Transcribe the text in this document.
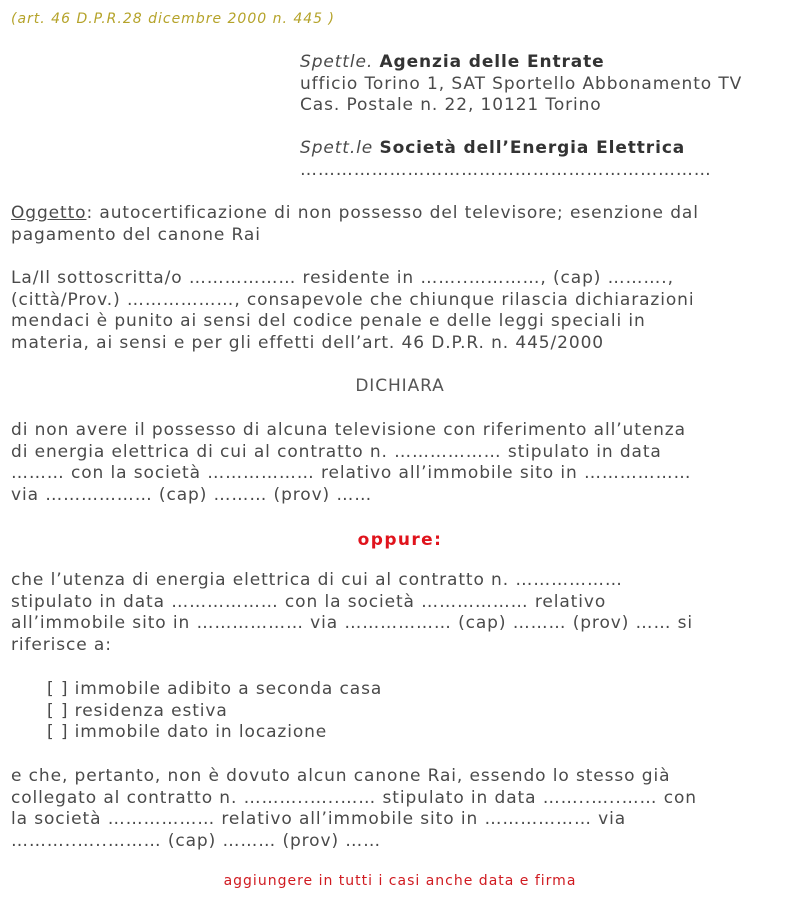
(art. 46 D.P.R.28 dicembre 2000 n. 445 )

Spettle. Agenzia delle Entrate
ufficio Torino 1, SAT Sportello Abbonamento TV
Cas. Postale n. 22, 10121 Torino
Spett.le Società dell’Energia Elettrica
……………………………………………………………
Oggetto: autocertificazione di non possesso del televisore; esenzione dal
pagamento del canone Rai
La/Il sottoscritta/o ……………… residente in ……..…………, (cap) ……….,
(città/Prov.) ………………, consapevole che chiunque rilascia dichiarazioni
mendaci è punito ai sensi del codice penale e delle leggi speciali in
materia, ai sensi e per gli effetti dell’art. 46 D.P.R. n. 445/2000

DICHIARA

di non avere il possesso di alcuna televisione con riferimento all’utenza
di energia elettrica di cui al contratto n. ……………… stipulato in data
……… con la società ……………… relativo all’immobile sito in ………………
via ……………… (cap) ……… (prov) ……

oppure:

che l’utenza di energia elettrica di cui al contratto n. ………………
stipulato in data ……………… con la società ……………… relativo
all’immobile sito in ……………… via ……………… (cap) ……… (prov) …… si
riferisce a:
[ ] immobile adibito a seconda casa
[ ] residenza estiva
[ ] immobile dato in locazione
e che, pertanto, non è dovuto alcun canone Rai, essendo lo stesso già
collegato al contratto n. ………..…..…… stipulato in data ……..…..…… con
la società ……………… relativo all’immobile sito in ……………… via
………..…..……… (cap) ……… (prov) ……

aggiungere in tutti i casi anche data e firma
